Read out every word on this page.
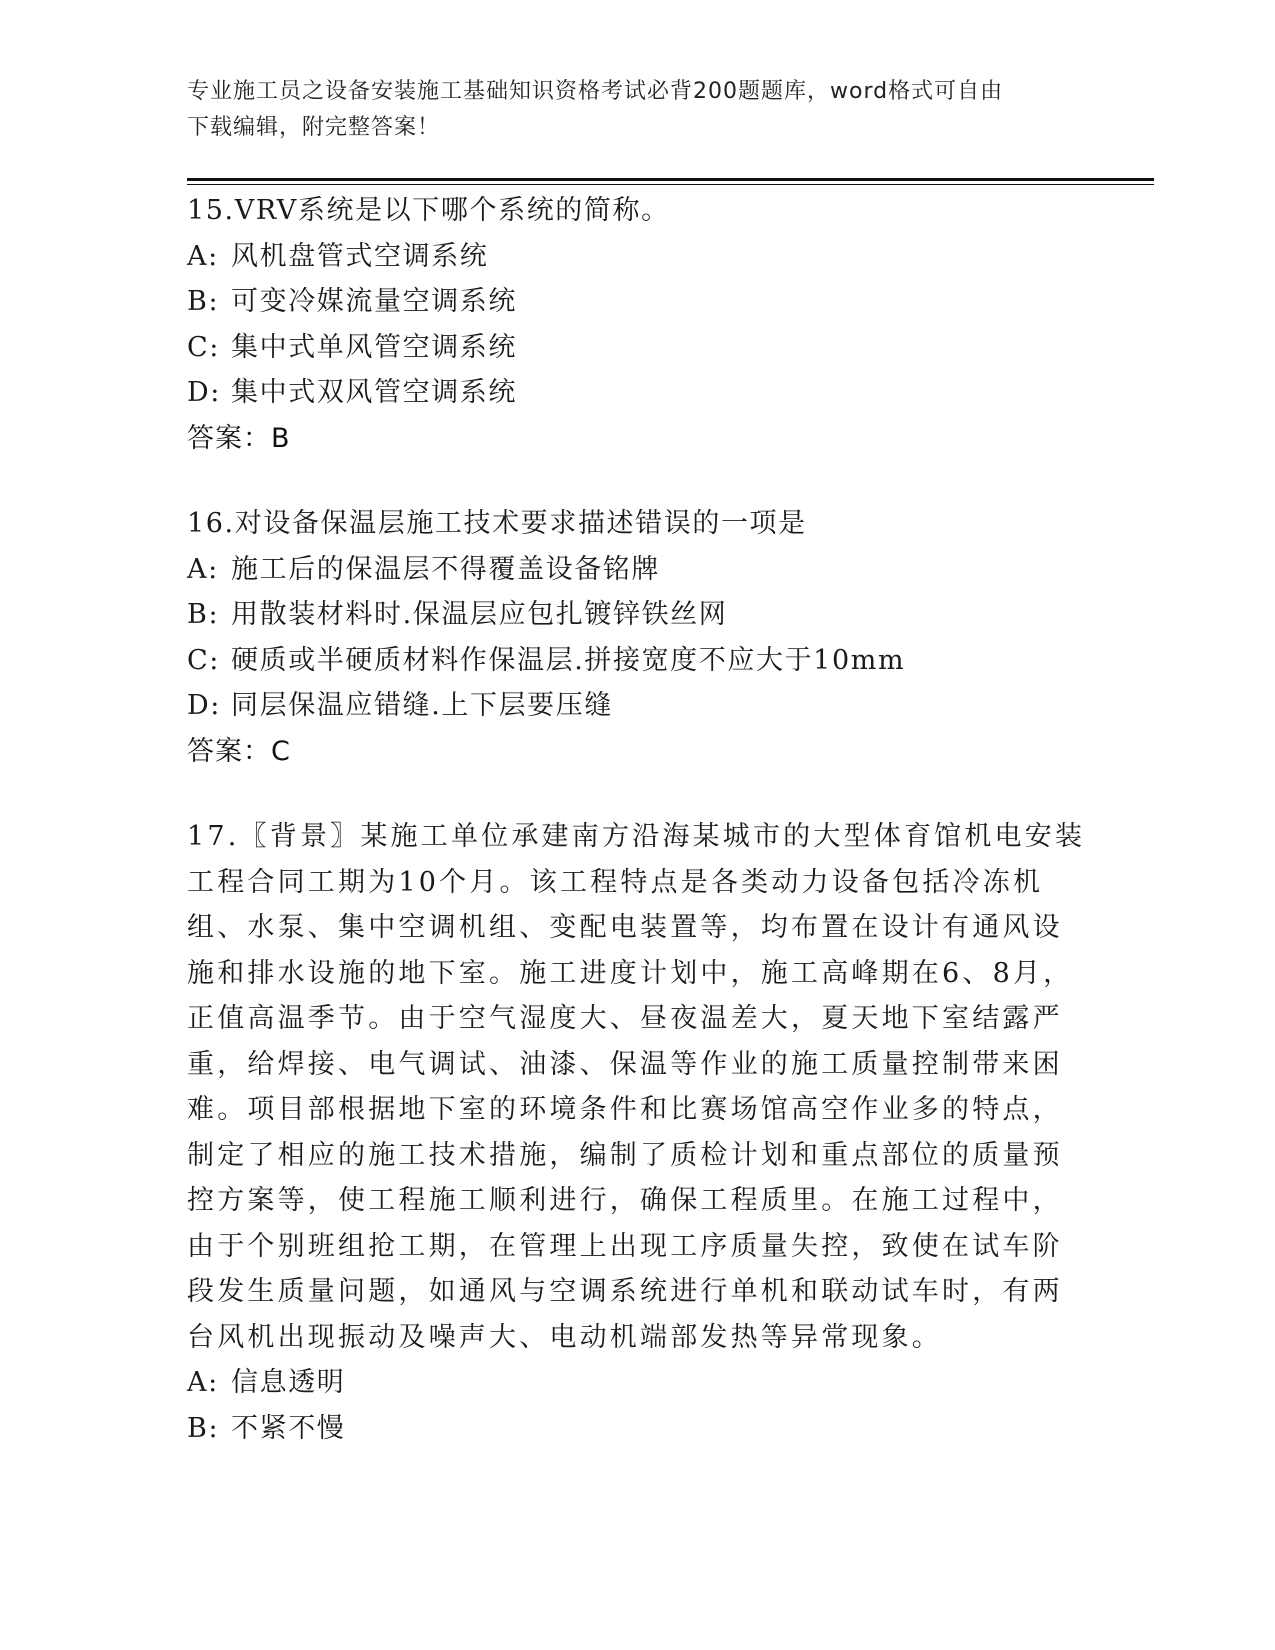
专业施工员之设备安装施工基础知识资格考试必背200题题库，word格式可自由
下载编辑，附完整答案！
15.VRV系统是以下哪个系统的简称。
A: 风机盘管式空调系统
B: 可变冷媒流量空调系统
C: 集中式单风管空调系统
D: 集中式双风管空调系统
答案：B
16.对设备保温层施工技术要求描述错误的一项是
A: 施工后的保温层不得覆盖设备铭牌
B: 用散装材料时.保温层应包扎镀锌铁丝网
C: 硬质或半硬质材料作保温层.拼接宽度不应大于10mm
D: 同层保温应错缝.上下层要压缝
答案：C
17.〖背景〗某施工单位承建南方沿海某城市的大型体育馆机电安装工程合同工期为10个月。该工程特点是各类动力设备包括冷冻机组、水泵、集中空调机组、变配电装置等，均布置在设计有通风设施和排水设施的地下室。施工进度计划中，施工高峰期在6、8月，正值高温季节。由于空气湿度大、昼夜温差大，夏天地下室结露严重，给焊接、电气调试、油漆、保温等作业的施工质量控制带来困难。项目部根据地下室的环境条件和比赛场馆高空作业多的特点，制定了相应的施工技术措施，编制了质检计划和重点部位的质量预控方案等，使工程施工顺利进行，确保工程质里。在施工过程中，由于个别班组抢工期，在管理上出现工序质量失控，致使在试车阶段发生质量问题，如通风与空调系统进行单机和联动试车时，有两台风机出现振动及噪声大、电动机端部发热等异常现象。
A: 信息透明
B: 不紧不慢
